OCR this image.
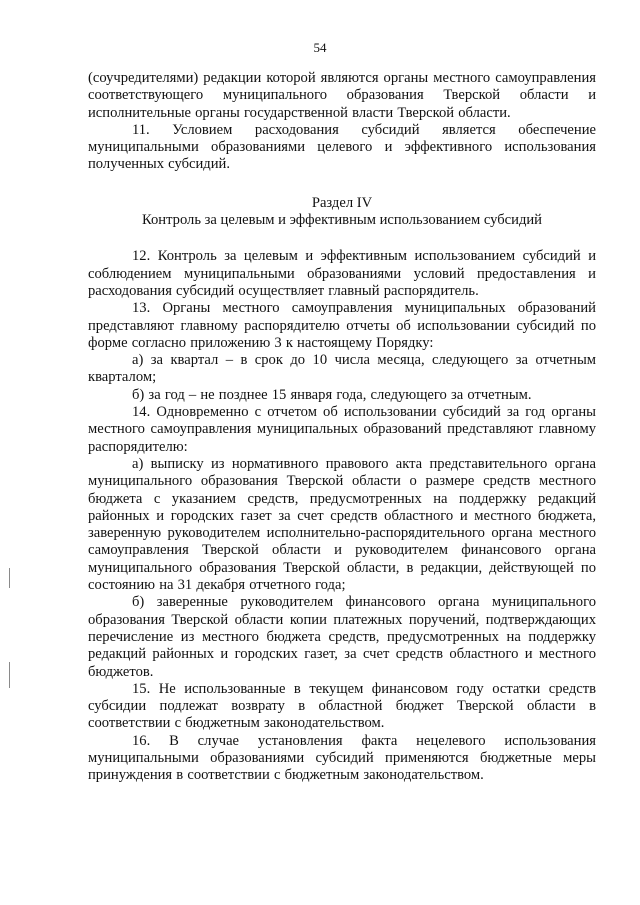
54

(соучредителями) редакции которой являются органы местного самоуправления соответствующего муниципального образования Тверской области и исполнительные органы государственной власти Тверской области.

11. Условием расходования субсидий является обеспечение муниципальными образованиями целевого и эффективного использования полученных субсидий.

Раздел IV

Контроль за целевым и эффективным использованием субсидий

12. Контроль за целевым и эффективным использованием субсидий и соблюдением муниципальными образованиями условий предоставления и расходования субсидий осуществляет главный распорядитель.

13. Органы местного самоуправления муниципальных образований представляют главному распорядителю отчеты об использовании субсидий по форме согласно приложению 3 к настоящему Порядку:

а) за квартал – в срок до 10 числа месяца, следующего за отчетным кварталом;

б) за год – не позднее 15 января года, следующего за отчетным.

14. Одновременно с отчетом об использовании субсидий за год органы местного самоуправления муниципальных образований представляют главному распорядителю:

а) выписку из нормативного правового акта представительного органа муниципального образования Тверской области о размере средств местного бюджета с указанием средств, предусмотренных на поддержку редакций районных и городских газет за счет средств областного и местного бюджета, заверенную руководителем исполнительно-распорядительного органа местного самоуправления Тверской области и руководителем финансового органа муниципального образования Тверской области, в редакции, действующей по состоянию на 31 декабря отчетного года;

б) заверенные руководителем финансового органа муниципального образования Тверской области копии платежных поручений, подтверждающих перечисление из местного бюджета средств, предусмотренных на поддержку редакций районных и городских газет, за счет средств областного и местного бюджетов.

15. Не использованные в текущем финансовом году остатки средств субсидии подлежат возврату в областной бюджет Тверской области в соответствии с бюджетным законодательством.

16. В случае установления факта нецелевого использования муниципальными образованиями субсидий применяются бюджетные меры принуждения в соответствии с бюджетным законодательством.
